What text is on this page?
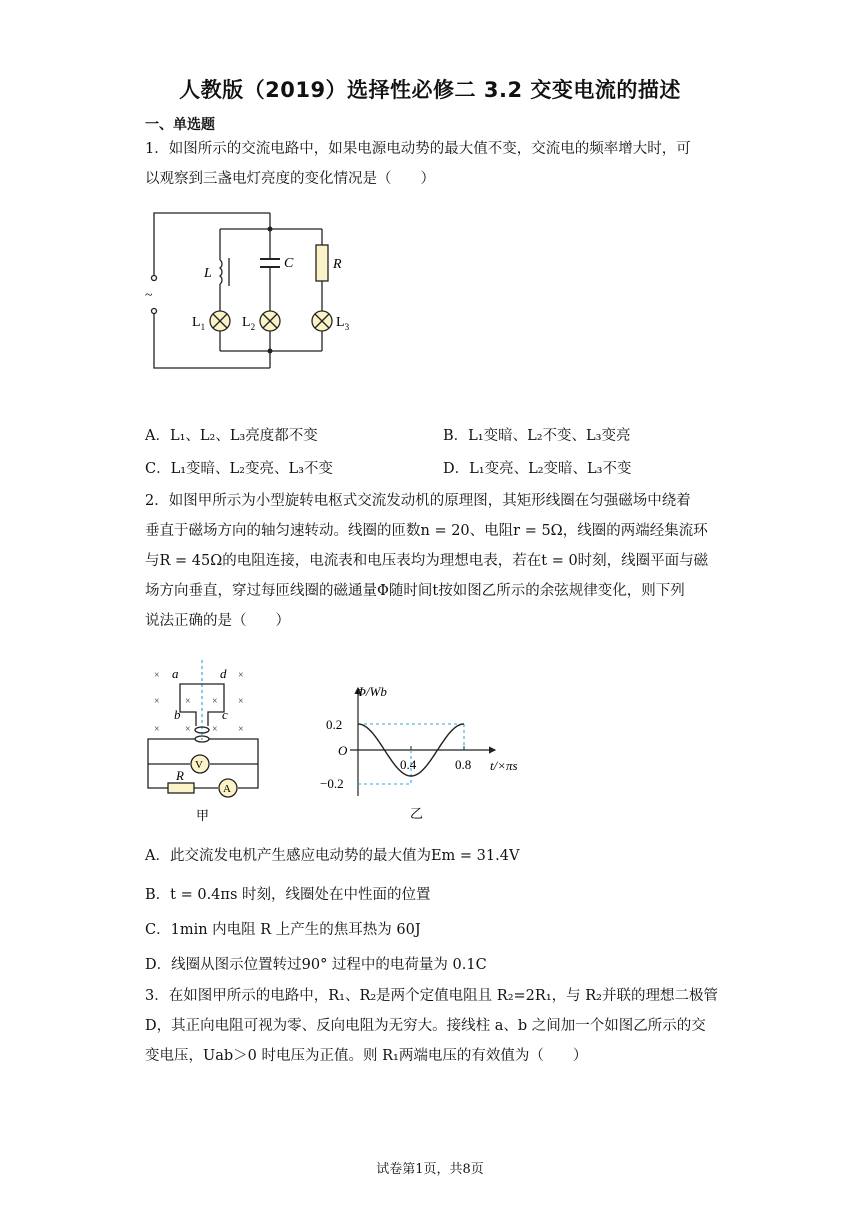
人教版（2019）选择性必修二 3.2 交变电流的描述
一、单选题
1．如图所示的交流电路中，如果电源电动势的最大值不变，交流电的频率增大时，可
以观察到三盏电灯亮度的变化情况是（　　）
~
L
C	R
$L_1$	$L_2$	$L_3$
A．L₁、L₂、L₃亮度都不变	B．L₁变暗、L₂不变、L₃变亮
C．L₁变暗、L₂变亮、L₃不变	D．L₁变亮、L₂变暗、L₃不变
2．如图甲所示为小型旋转电枢式交流发动机的原理图，其矩形线圈在匀强磁场中绕着
垂直于磁场方向的轴匀速转动。线圈的匝数n = 20、电阻r = 5Ω，线圈的两端经集流环
与R = 45Ω的电阻连接，电流表和电压表均为理想电表，若在t = 0时刻，线圈平面与磁
场方向垂直，穿过每匝线圈的磁通量Φ随时间t按如图乙所示的余弦规律变化，则下列
说法正确的是（　　）
×	×
×	× × ×
×	× × ×
a	d
b	c
V
A
R
甲
Φ/Wb
t/×πs
O
0.2
−0.2
0.4	0.8
乙
A．此交流发电机产生感应电动势的最大值为Em = 31.4V
B．t = 0.4πs 时刻，线圈处在中性面的位置
C．1min 内电阻 R 上产生的焦耳热为 60J
D．线圈从图示位置转过90° 过程中的电荷量为 0.1C
3．在如图甲所示的电路中，R₁、R₂是两个定值电阻且 R₂=2R₁，与 R₂并联的理想二极管
D，其正向电阻可视为零、反向电阻为无穷大。接线柱 a、b 之间加一个如图乙所示的交
变电压，Uab＞0 时电压为正值。则 R₁两端电压的有效值为（　　）
试卷第1页，共8页
